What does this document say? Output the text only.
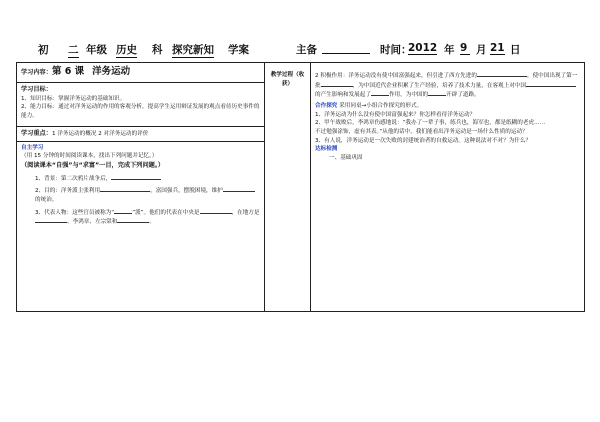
初 二 年级 历史 科 探究新知 学案	主备	时间：
2012 年 9 月 21 日
学习内容：第 6 课 洋务运动	教学过程（收获）	
2 积极作用：洋务运动没有使中国富强起来，但引进了西方先进的	，使中国出现了第一批	，为中国近代企业积累了生产经验，培养了技术力量，在客观上对中国的产生影响和发展起了	作用，为中国的	开辟了道路。
合作探究 采用同桌→小组合作探究的形式。
1、洋务运动为什么没有使中国富强起来？你怎样看待洋务运动？
2、甲午战败后，李鸿章伤感地说：“我办了一辈子事，练兵也，海军也，都是纸糊的老虎……
不过勉强涂饰，虚有其表。”从他的话中，我们能看出洋务运动是一场什么性质的运动？
3、有人说，洋务运动是一次失败的封建统治者的自救运动。这种说法对不对？为什么？
达标检测
一、基础巩固

学习目标：
1、知识目标：掌握洋务运动的基础知识。
2、能力目标：通过对洋务运动的作用的客观分析，提高学生运用辩证发展的观点看待历史事件的能力。

学习重点：1 洋务运动的概况 2 对洋务运动的评价

自主学习
（用 15 分钟的时间阅读课本，找出下列问题并记忆。）
（阅读课本“自强”与“求富”一目，完成下列问题。）
1、背景：第二次鸦片战争后，
2、目的：洋务派主张利用	，富国强兵，摆脱困境，维护的统治。
3、代表人物：这些官员被称为“	”派”。他们的代表在中央是	，在地方是、李鸿章、左宗棠和	。
